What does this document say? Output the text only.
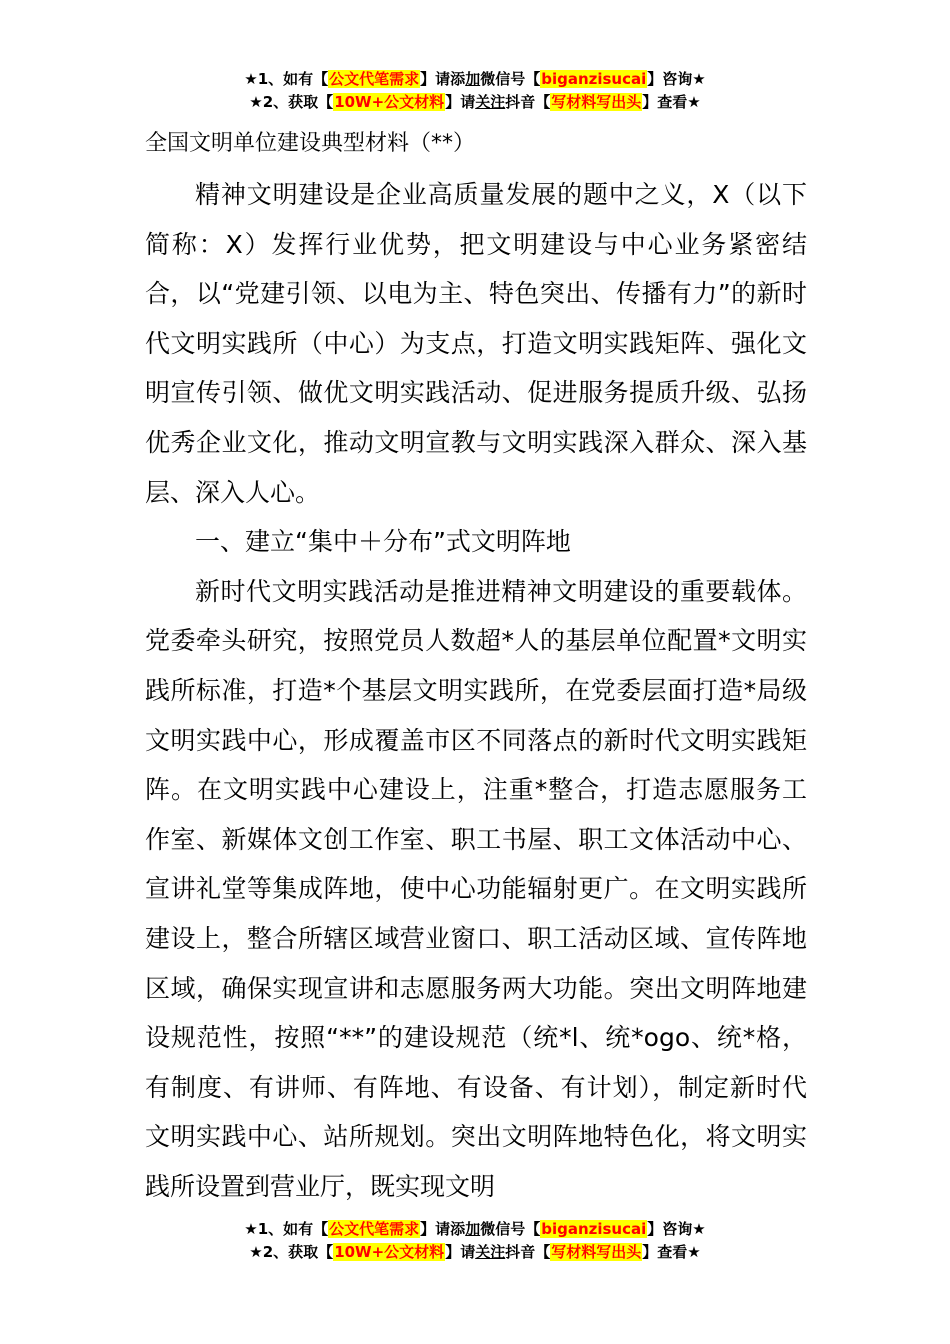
★1、如有【公文代笔需求】请添加微信号【biganzisucai】咨询★
★2、获取【10W+公文材料】请关注抖音【写材料写出头】查看★
全国文明单位建设典型材料（**）

精神文明建设是企业高质量发展的题中之义，X（以下简称：X）发挥行业优势，把文明建设与中心业务紧密结合，以“党建引领、以电为主、特色突出、传播有力”的新时代文明实践所（中心）为支点，打造文明实践矩阵、强化文明宣传引领、做优文明实践活动、促进服务提质升级、弘扬优秀企业文化，推动文明宣教与文明实践深入群众、深入基层、深入人心。

一、建立“集中＋分布”式文明阵地

新时代文明实践活动是推进精神文明建设的重要载体。党委牵头研究，按照党员人数超*人的基层单位配置*文明实践所标准，打造*个基层文明实践所，在党委层面打造*局级文明实践中心，形成覆盖市区不同落点的新时代文明实践矩阵。在文明实践中心建设上，注重*整合，打造志愿服务工作室、新媒体文创工作室、职工书屋、职工文体活动中心、宣讲礼堂等集成阵地，使中心功能辐射更广。在文明实践所建设上，整合所辖区域营业窗口、职工活动区域、宣传阵地区域，确保实现宣讲和志愿服务两大功能。突出文明阵地建设规范性，按照“**”的建设规范（统*l、统*ogo、统*格，有制度、有讲师、有阵地、有设备、有计划），制定新时代文明实践中心、站所规划。突出文明阵地特色化，将文明实践所设置到营业厅，既实现文明

★1、如有【公文代笔需求】请添加微信号【biganzisucai】咨询★
★2、获取【10W+公文材料】请关注抖音【写材料写出头】查看★
